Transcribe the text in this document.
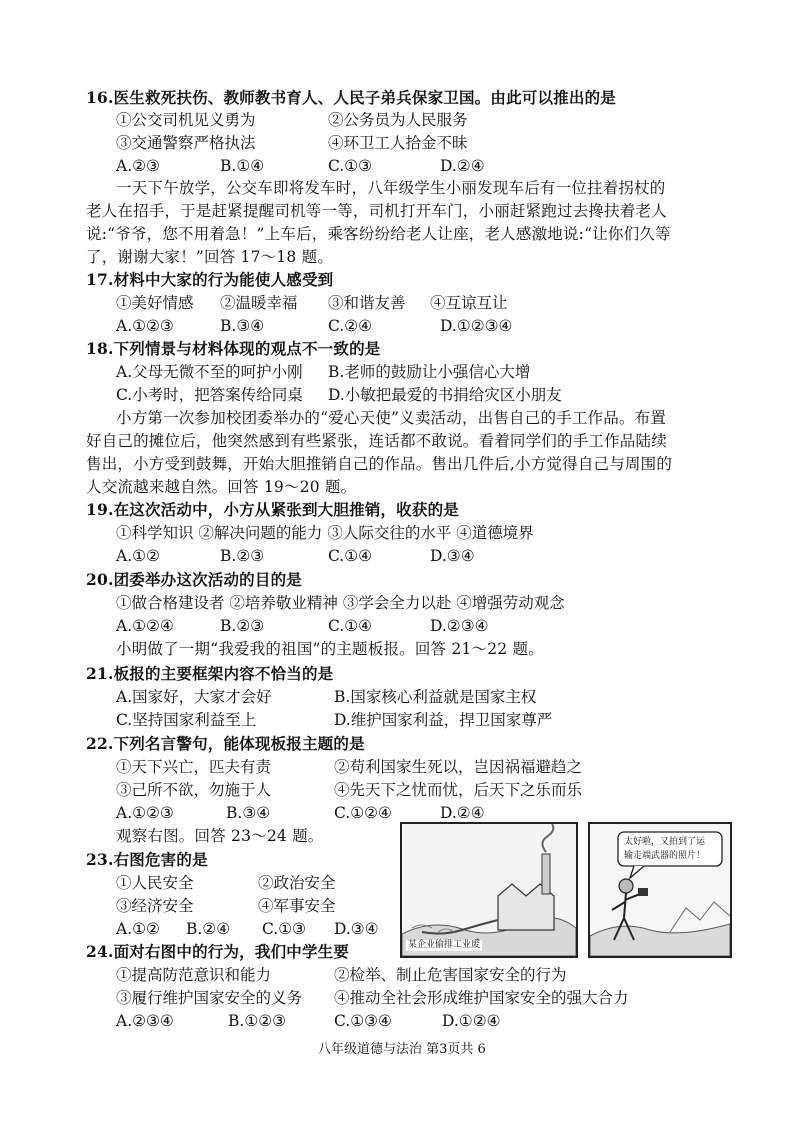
16.医生救死扶伤、教师教书育人、人民子弟兵保家卫国。由此可以推出的是
①公交司机见义勇为	②公务员为人民服务
③交通警察严格执法	④环卫工人拾金不昧
A.②③	B.①④	C.①③	D.②④
一天下午放学，公交车即将发车时，八年级学生小丽发现车后有一位拄着拐杖的
老人在招手，于是赶紧提醒司机等一等，司机打开车门，小丽赶紧跑过去搀扶着老人
说:“爷爷，您不用着急！”上车后，乘客纷纷给老人让座，老人感激地说:“让你们久等
了，谢谢大家！”回答 17～18 题。
17.材料中大家的行为能使人感受到
①美好情感 ②温暖幸福 ③和谐友善 ④互谅互让
A.①②③	B.③④	C.②④	D.①②③④
18.下列情景与材料体现的观点不一致的是
A.父母无微不至的呵护小刚 B.老师的鼓励让小强信心大增
C.小考时，把答案传给同桌 D.小敏把最爱的书捐给灾区小朋友
小方第一次参加校团委举办的“爱心天使”义卖活动，出售自己的手工作品。布置
好自己的摊位后，他突然感到有些紧张，连话都不敢说。看着同学们的手工作品陆续
售出，小方受到鼓舞，开始大胆推销自己的作品。售出几件后,小方觉得自己与周围的
人交流越来越自然。回答 19～20 题。
19.在这次活动中，小方从紧张到大胆推销，收获的是
①科学知识 ②解决问题的能力 ③人际交往的水平 ④道德境界
A.①②	B.②③	C.①④	D.③④
20.团委举办这次活动的目的是
①做合格建设者 ②培养敬业精神 ③学会全力以赴 ④增强劳动观念
A.①②④	B.②③	C.①④	D.②③④
小明做了一期“我爱我的祖国”的主题板报。回答 21～22 题。
21.板报的主要框架内容不恰当的是
A.国家好，大家才会好	B.国家核心利益就是国家主权
C.坚持国家利益至上	D.维护国家利益，捍卫国家尊严
22.下列名言警句，能体现板报主题的是
①天下兴亡，匹夫有责	②苟利国家生死以，岂因祸福避趋之
③己所不欲，勿施于人	④先天下之忧而忧，后天下之乐而乐
A.①②③	B.③④	C.①②④	D.②④
观察右图。回答 23～24 题。
23.右图危害的是
①人民安全	②政治安全
③经济安全	④军事安全
A.①② B.②④ C.①③ D.③④
24.面对右图中的行为，我们中学生要
①提高防范意识和能力	②检举、制止危害国家安全的行为
③履行维护国家安全的义务 ④推动全社会形成维护国家安全的强大合力
A.②③④	B.①②③	C.①③④	D.①②④
某企业偷排工业废
太好啦，又拍到了运
输走端武器的照片！
八年级道德与法治 第3页共 6
